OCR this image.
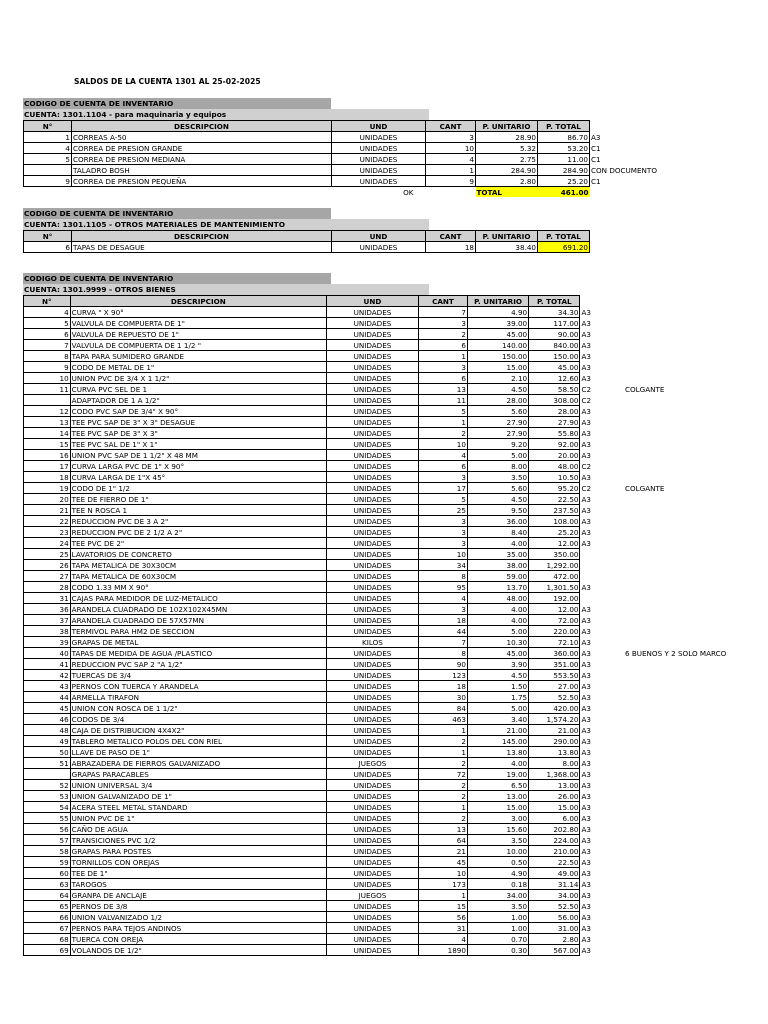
SALDOS DE LA CUENTA 1301 AL 25-02-2025
CODIGO DE CUENTA DE INVENTARIO
CUENTA: 1301.1104 - para maquinaria y equipos
N°	DESCRIPCION	UND	CANT	P. UNITARIO	P. TOTAL	
1	CORREAS A-50	UNIDADES	3	28.90	86.70	A3
4	CORREA DE PRESION GRANDE	UNIDADES	10	5.32	53.20	C1
5	CORREA DE PRESION MEDIANA	UNIDADES	4	2.75	11.00	C1
	TALADRO BOSH	UNIDADES	1	284.90	284.90	CON DOCUMENTO
9	CORREA DE PRESION PEQUEÑA	UNIDADES	9	2.80	25.20	C1
		OK		TOTAL	461.00	
CODIGO DE CUENTA DE INVENTARIO
CUENTA: 1301.1105 - OTROS MATERIALES DE MANTENIMIENTO
N°	DESCRIPCION	UND	CANT	P. UNITARIO	P. TOTAL	
6	TAPAS DE DESAGUE	UNIDADES	18	38.40	691.20	
CODIGO DE CUENTA DE INVENTARIO
CUENTA: 1301.9999 - OTROS BIENES
N°	DESCRIPCION	UND	CANT	P. UNITARIO	P. TOTAL		
4	CURVA " X 90°	UNIDADES	7	4.90	34.30	A3	
5	VALVULA DE COMPUERTA DE 1"	UNIDADES	3	39.00	117.00	A3	
6	VALVULA DE REPUESTO DE 1"	UNIDADES	2	45.00	90.00	A3	
7	VALVULA DE COMPUERTA DE 1 1/2 "	UNIDADES	6	140.00	840.00	A3	
8	TAPA PARA SUMIDERO GRANDE	UNIDADES	1	150.00	150.00	A3	
9	CODO DE METAL DE 1"	UNIDADES	3	15.00	45.00	A3	
10	UNION PVC DE 3/4 X 1 1/2"	UNIDADES	6	2.10	12.60	A3	
11	CURVA PVC SEL DE 1	UNIDADES	13	4.50	58.50	C2	COLGANTE
	ADAPTADOR DE 1 A 1/2"	UNIDADES	11	28.00	308.00	C2	
12	CODO PVC SAP DE 3/4" X 90°	UNIDADES	5	5.60	28.00	A3	
13	TEE PVC SAP DE 3" X 3" DESAGUE	UNIDADES	1	27.90	27.90	A3	
14	TEE PVC SAP DE 3" X 3"	UNIDADES	2	27.90	55.80	A3	
15	TEE PVC SAL DE 1" X 1"	UNIDADES	10	9.20	92.00	A3	
16	UNION PVC SAP DE 1 1/2" X 48 MM	UNIDADES	4	5.00	20.00	A3	
17	CURVA LARGA PVC DE 1" X 90°	UNIDADES	6	8.00	48.00	C2	
18	CURVA LARGA DE 1"X 45°	UNIDADES	3	3.50	10.50	A3	
19	CODO DE 1" 1/2	UNIDADES	17	5.60	95.20	C2	COLGANTE
20	TEE DE FIERRO DE 1"	UNIDADES	5	4.50	22.50	A3	
21	TEE N ROSCA 1	UNIDADES	25	9.50	237.50	A3	
22	REDUCCION PVC DE 3 A 2"	UNIDADES	3	36.00	108.00	A3	
23	REDUCCION PVC DE 2 1/2 A 2"	UNIDADES	3	8.40	25.20	A3	
24	TEE PVC DE 2"	UNIDADES	3	4.00	12.00	A3	
25	LAVATORIOS DE CONCRETO	UNIDADES	10	35.00	350.00		
26	TAPA METALICA DE 30X30CM	UNIDADES	34	38.00	1,292.00		
27	TAPA METALICA DE 60X30CM	UNIDADES	8	59.00	472.00		
28	CODO 1.33 MM X 90°	UNIDADES	95	13.70	1,301.50	A3	
31	CAJAS PARA MEDIDOR DE LUZ-METALICO	UNIDADES	4	48.00	192.00		
36	ARANDELA CUADRADO DE 102X102X45MN	UNIDADES	3	4.00	12.00	A3	
37	ARANDELA CUADRADO DE 57X57MN	UNIDADES	18	4.00	72.00	A3	
38	TERMIVOL PARA HM2 DE SECCION	UNIDADES	44	5.00	220.00	A3	
39	GRAPAS DE METAL	KILOS	7	10.30	72.10	A3	
40	TAPAS DE MEDIDA DE AGUA /PLASTICO	UNIDADES	8	45.00	360.00	A3	6 BUENOS Y 2 SOLO MARCO
41	REDUCCION PVC SAP 2 "A 1/2"	UNIDADES	90	3.90	351.00	A3	
42	TUERCAS DE 3/4	UNIDADES	123	4.50	553.50	A3	
43	PERNOS CON TUERCA Y ARANDELA	UNIDADES	18	1.50	27.00	A3	
44	ARMELLA TIRAFON	UNIDADES	30	1.75	52.50	A3	
45	UNION CON ROSCA DE 1 1/2"	UNIDADES	84	5.00	420.00	A3	
46	CODOS DE 3/4	UNIDADES	463	3.40	1,574.20	A3	
48	CAJA DE DISTRIBUCION 4X4X2"	UNIDADES	1	21.00	21.00	A3	
49	TABLERO METALICO POLOS DEL CON RIEL	UNIDADES	2	145.00	290.00	A3	
50	LLAVE DE PASO DE 1"	UNIDADES	1	13.80	13.80	A3	
51	ABRAZADERA DE FIERROS GALVANIZADO	JUEGOS	2	4.00	8.00	A3	
	GRAPAS PARACABLES	UNIDADES	72	19.00	1,368.00	A3	
52	UNION UNIVERSAL 3/4	UNIDADES	2	6.50	13.00	A3	
53	UNION GALVANIZADO DE 1"	UNIDADES	2	13.00	26.00	A3	
54	ACERA STEEL METAL STANDARD	UNIDADES	1	15.00	15.00	A3	
55	UNION PVC DE 1"	UNIDADES	2	3.00	6.00	A3	
56	CAÑO DE AGUA	UNIDADES	13	15.60	202.80	A3	
57	TRANSICIONES PVC 1/2	UNIDADES	64	3.50	224.00	A3	
58	GRAPAS PARA POSTES	UNIDADES	21	10.00	210.00	A3	
59	TORNILLOS CON OREJAS	UNIDADES	45	0.50	22.50	A3	
60	TEE DE 1"	UNIDADES	10	4.90	49.00	A3	
63	TAROGOS	UNIDADES	173	0.18	31.14	A3	
64	GRANPA DE ANCLAJE	JUEGOS	1	34.00	34.00	A3	
65	PERNOS DE 3/8	UNIDADES	15	3.50	52.50	A3	
66	UNION VALVANIZADO 1/2	UNIDADES	56	1.00	56.00	A3	
67	PERNOS PARA TEJOS ANDINOS	UNIDADES	31	1.00	31.00	A3	
68	TUERCA CON OREJA	UNIDADES	4	0.70	2.80	A3	
69	VOLANDOS DE 1/2"	UNIDADES	1890	0.30	567.00	A3	
